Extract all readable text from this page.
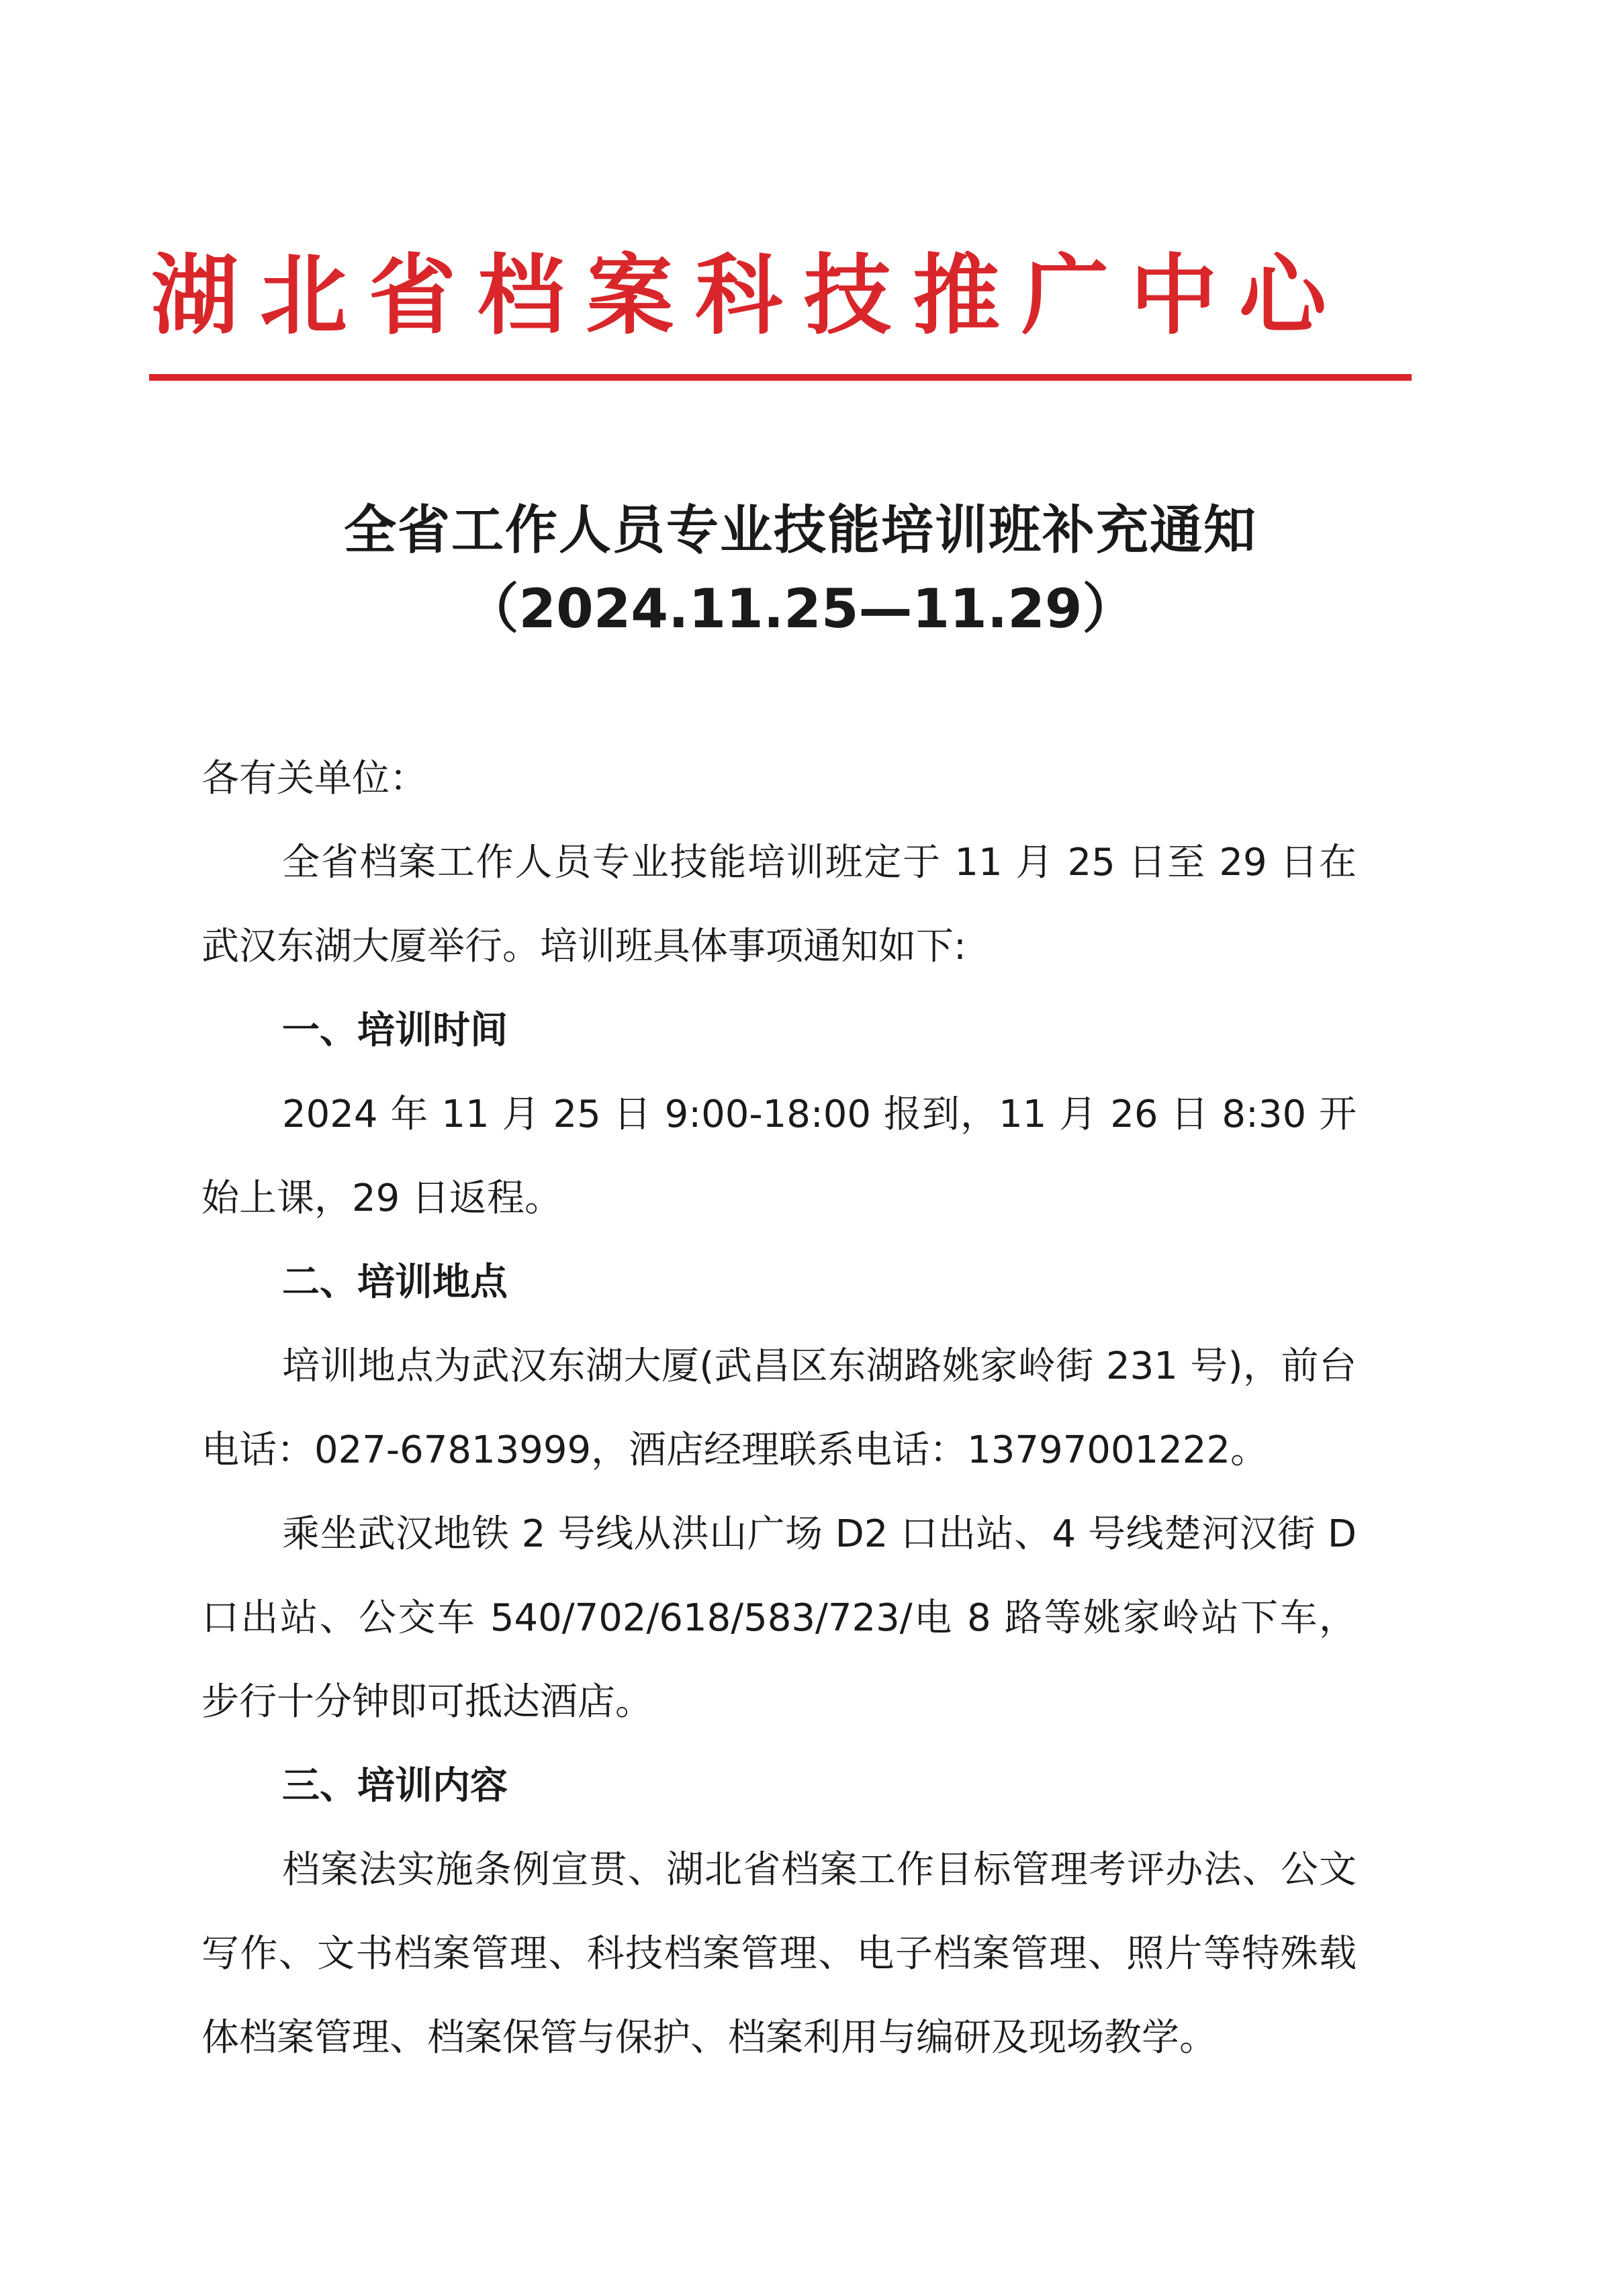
湖北省档案科技推广中心
全省工作人员专业技能培训班补充通知
（2024.11.25—11.29）

各有关单位：

全省档案工作人员专业技能培训班定于 11 月 25 日至 29 日在武汉东湖大厦举行。培训班具体事项通知如下:

一、培训时间

2024 年 11 月 25 日 9:00-18:00 报到，11 月 26 日 8:30 开始上课，29 日返程。

二、培训地点

培训地点为武汉东湖大厦(武昌区东湖路姚家岭街 231 号)，前台电话：027-67813999，酒店经理联系电话：13797001222。

乘坐武汉地铁 2 号线从洪山广场 D2 口出站、4 号线楚河汉街 D 口出站、公交车 540/702/618/583/723/电 8 路等姚家岭站下车，步行十分钟即可抵达酒店。

三、培训内容

档案法实施条例宣贯、湖北省档案工作目标管理考评办法、公文写作、文书档案管理、科技档案管理、电子档案管理、照片等特殊载体档案管理、档案保管与保护、档案利用与编研及现场教学。
